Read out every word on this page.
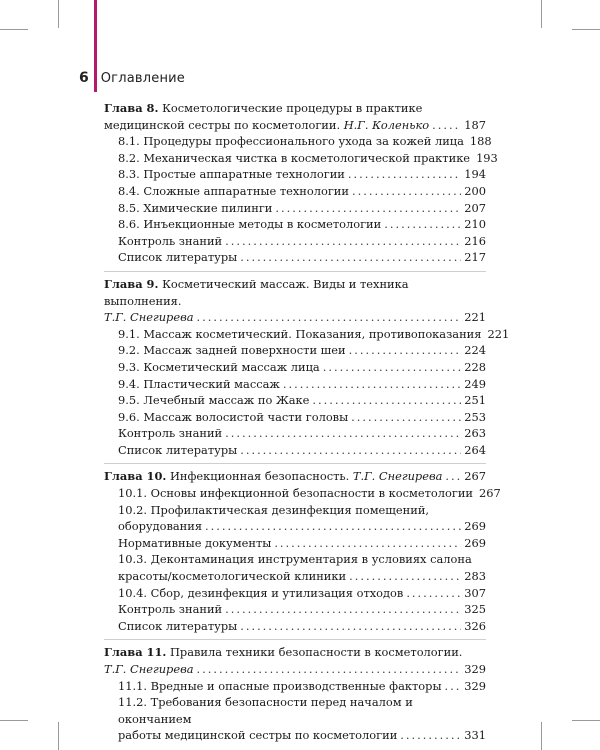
6 Оглавление
Глава 8. Косметологические процедуры в практике
медицинской сестры по косметологии. Н.Г. Коленько .....	187
8.1. Процедуры профессионального ухода за кожей лица 188
8.2. Механическая чистка в косметологической практике 193
8.3. Простые аппаратные технологии .....	194
8.4. Сложные аппаратные технологии .....	200
8.5. Химические пилинги .....	207
8.6. Инъекционные методы в косметологии .....	210
Контроль знаний .....	216
Список литературы .....	217
Глава 9. Косметический массаж. Виды и техника выполнения.
Т.Г. Снегирева .....	221
9.1. Массаж косметический. Показания, противопоказания 221
9.2. Массаж задней поверхности шеи .....	224
9.3. Косметический массаж лица .....	228
9.4. Пластический массаж .....	249
9.5. Лечебный массаж по Жаке .....	251
9.6. Массаж волосистой части головы .....	253
Контроль знаний .....	263
Список литературы .....	264
Глава 10. Инфекционная безопасность. Т.Г. Снегирева ..... 267
10.1. Основы инфекционной безопасности в косметологии 267
10.2. Профилактическая дезинфекция помещений,
оборудования .....	269
Нормативные документы .....	269
10.3. Деконтаминация инструментария в условиях салона
красоты/косметологической клиники .....	283
10.4. Сбор, дезинфекция и утилизация отходов .....	307
Контроль знаний .....	325
Список литературы .....	326
Глава 11. Правила техники безопасности в косметологии.
Т.Г. Снегирева .....	329
11.1. Вредные и опасные производственные факторы ..... 329
11.2. Требования безопасности перед началом и окончанием
работы медицинской сестры по косметологии .....	331
